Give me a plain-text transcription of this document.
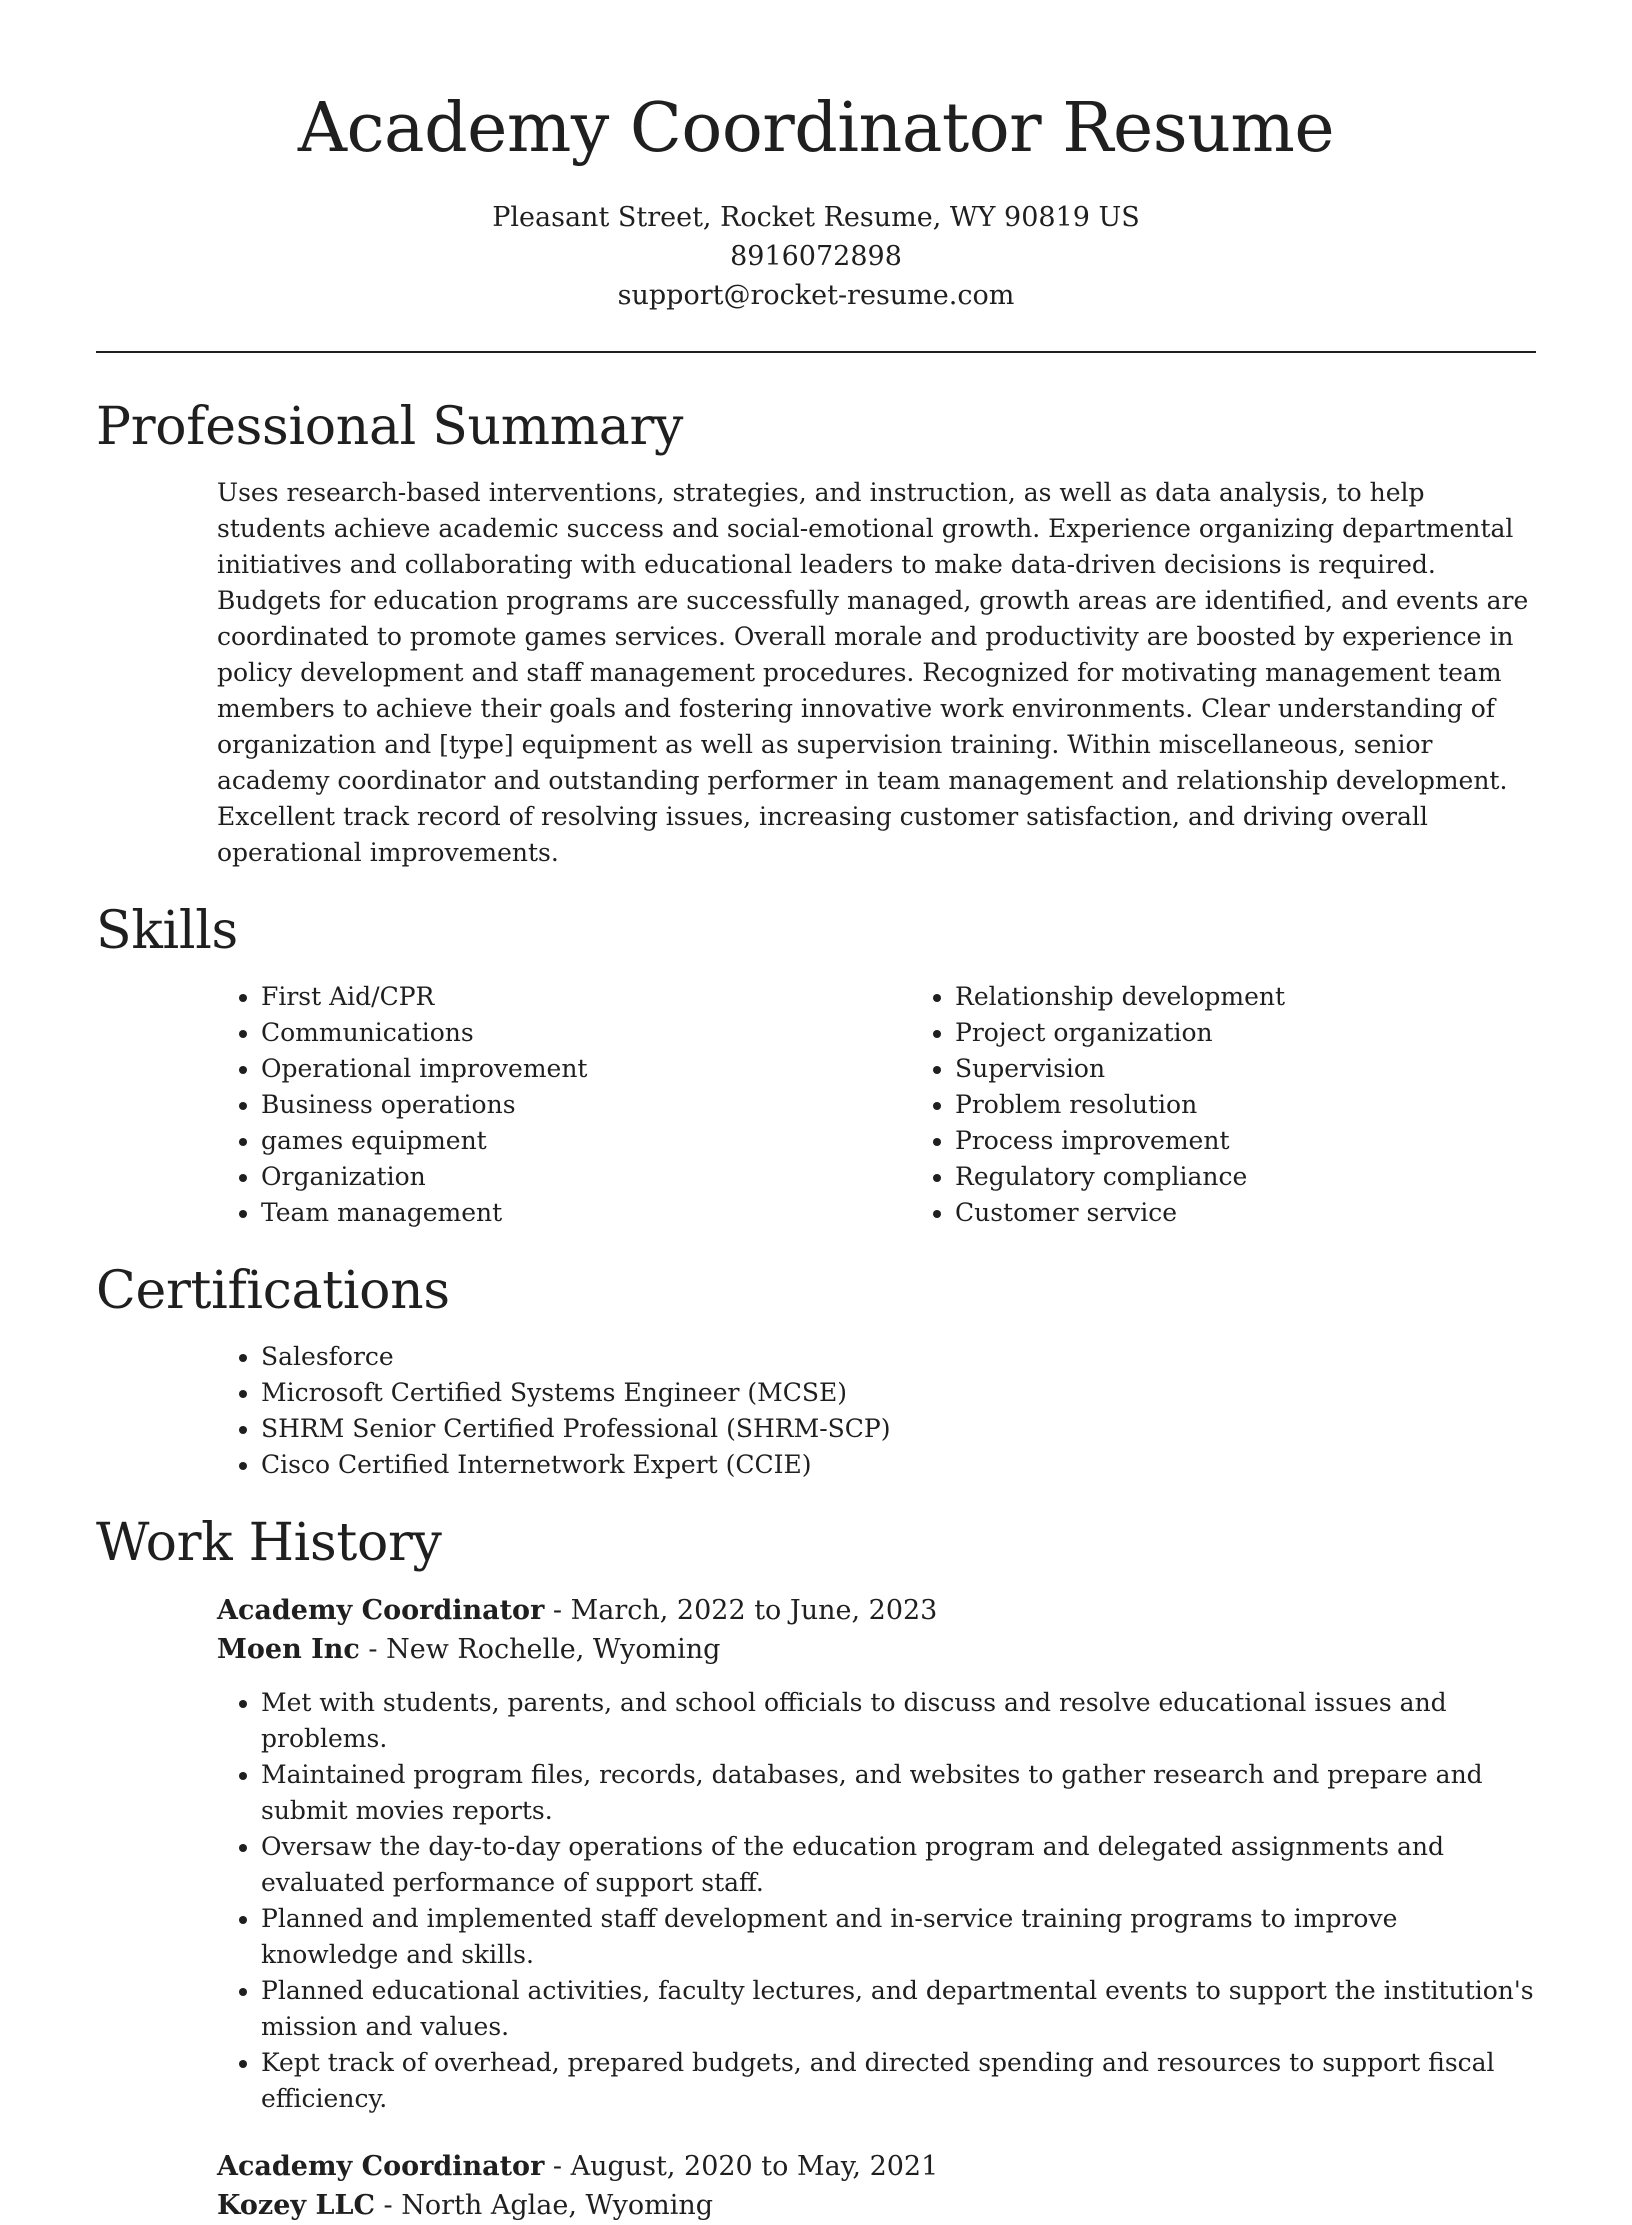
Academy Coordinator Resume
Pleasant Street, Rocket Resume, WY 90819 US
8916072898
support@rocket-resume.com
Professional Summary

Uses research-based interventions, strategies, and instruction, as well as data analysis, to help students achieve academic success and social-emotional growth. Experience organizing departmental initiatives and collaborating with educational leaders to make data-driven decisions is required. Budgets for education programs are successfully managed, growth areas are identified, and events are coordinated to promote games services. Overall morale and productivity are boosted by experience in policy development and staff management procedures. Recognized for motivating management team members to achieve their goals and fostering innovative work environments. Clear understanding of organization and [type] equipment as well as supervision training. Within miscellaneous, senior academy coordinator and outstanding performer in team management and relationship development. Excellent track record of resolving issues, increasing customer satisfaction, and driving overall operational improvements.

Skills
• First Aid/CPR
• Communications
• Operational improvement
• Business operations
• games equipment
• Organization
• Team management
• Relationship development
• Project organization
• Supervision
• Problem resolution
• Process improvement
• Regulatory compliance
• Customer service
Certifications
• Salesforce
• Microsoft Certified Systems Engineer (MCSE)
• SHRM Senior Certified Professional (SHRM-SCP)
• Cisco Certified Internetwork Expert (CCIE)
Work History
Academy Coordinator - March, 2022 to June, 2023
Moen Inc - New Rochelle, Wyoming
• Met with students, parents, and school officials to discuss and resolve educational issues and problems.
• Maintained program files, records, databases, and websites to gather research and prepare and submit movies reports.
• Oversaw the day-to-day operations of the education program and delegated assignments and evaluated performance of support staff.
• Planned and implemented staff development and in-service training programs to improve knowledge and skills.
• Planned educational activities, faculty lectures, and departmental events to support the institution's mission and values.
• Kept track of overhead, prepared budgets, and directed spending and resources to support fiscal efficiency.
Academy Coordinator - August, 2020 to May, 2021
Kozey LLC - North Aglae, Wyoming
